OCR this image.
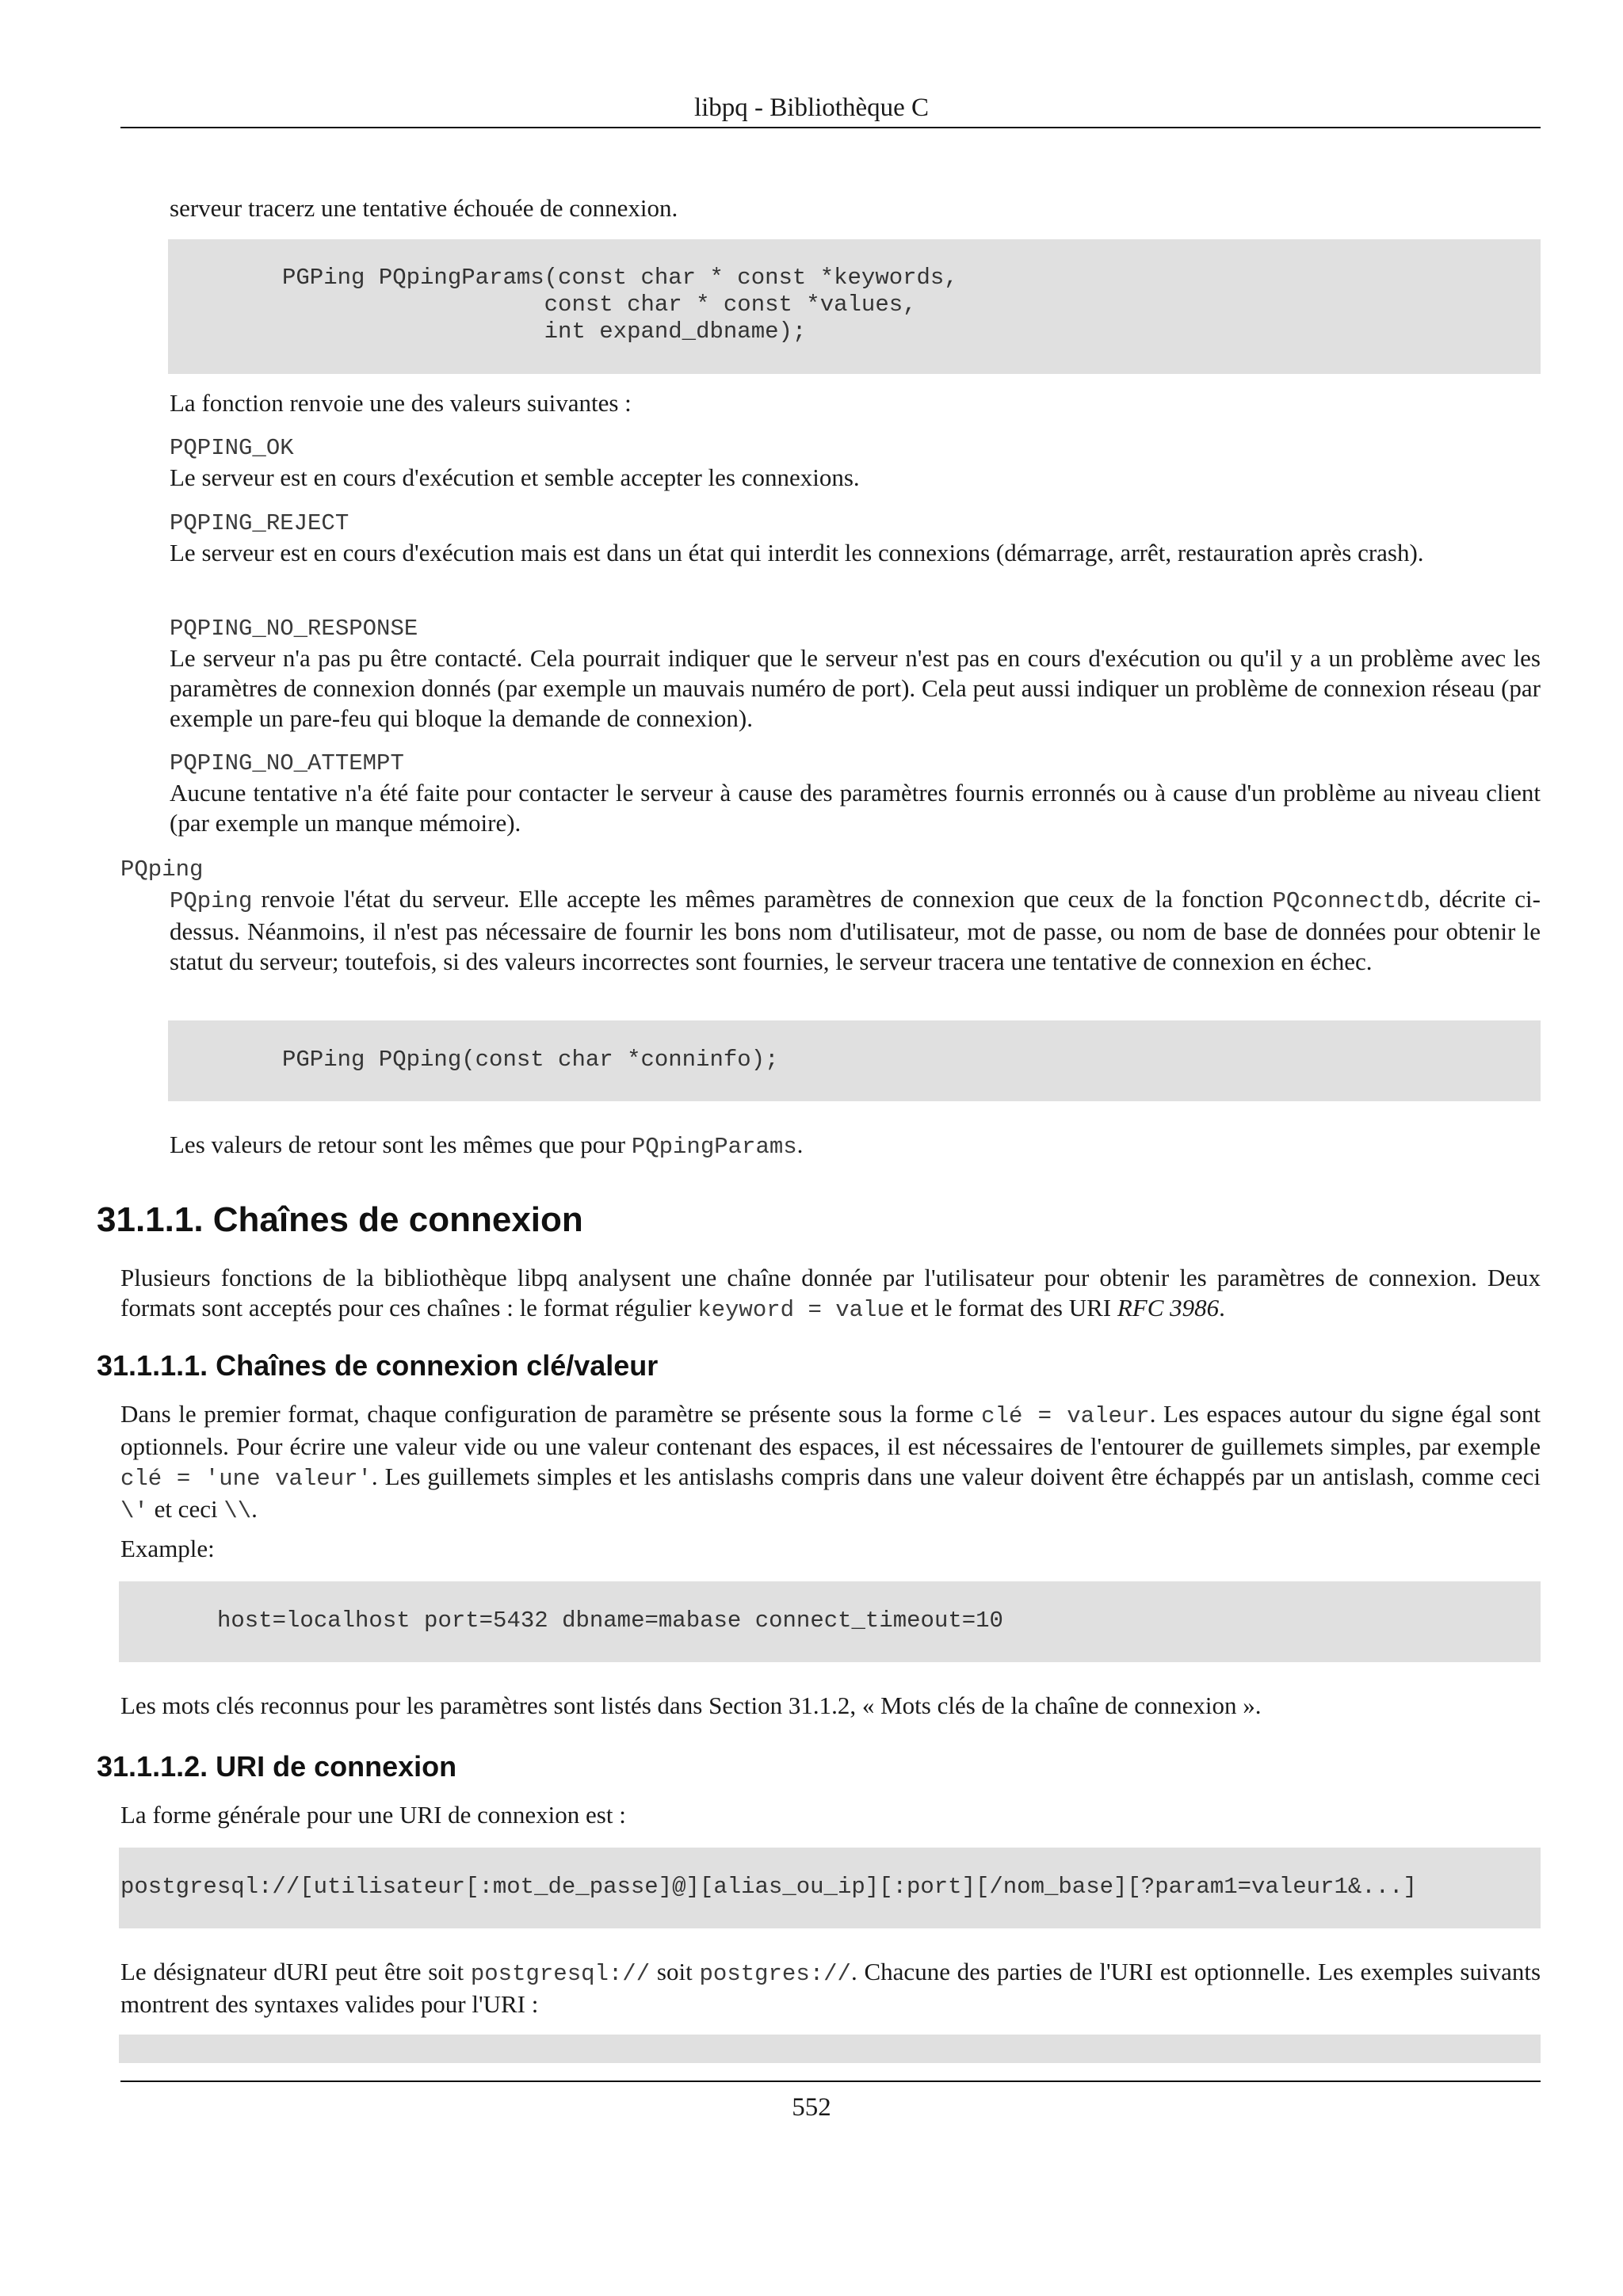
libpq - Bibliothèque C

serveur tracerz une tentative échouée de connexion.

PGPing PQpingParams(const char * const *keywords,
const char * const *values,
int expand_dbname);

La fonction renvoie une des valeurs suivantes :

PQPING_OK

Le serveur est en cours d'exécution et semble accepter les connexions.

PQPING_REJECT

Le serveur est en cours d'exécution mais est dans un état qui interdit les connexions (démarrage, arrêt, restauration après crash).

PQPING_NO_RESPONSE

Le serveur n'a pas pu être contacté. Cela pourrait indiquer que le serveur n'est pas en cours d'exécution ou qu'il y a un problème avec les paramètres de connexion donnés (par exemple un mauvais numéro de port). Cela peut aussi indiquer un problème de connexion réseau (par exemple un pare-feu qui bloque la demande de connexion).

PQPING_NO_ATTEMPT

Aucune tentative n'a été faite pour contacter le serveur à cause des paramètres fournis erronnés ou à cause d'un problème au niveau client (par exemple un manque mémoire).

PQping

PQping renvoie l'état du serveur. Elle accepte les mêmes paramètres de connexion que ceux de la fonction PQconnectdb, décrite ci-dessus. Néanmoins, il n'est pas nécessaire de fournir les bons nom d'utilisateur, mot de passe, ou nom de base de données pour obtenir le statut du serveur; toutefois, si des valeurs incorrectes sont fournies, le serveur tracera une tentative de connexion en échec.

PGPing PQping(const char *conninfo);

Les valeurs de retour sont les mêmes que pour PQpingParams.

31.1.1. Chaînes de connexion

Plusieurs fonctions de la bibliothèque libpq analysent une chaîne donnée par l'utilisateur pour obtenir les paramètres de connexion. Deux formats sont acceptés pour ces chaînes : le format régulier keyword = value et le format des URI RFC 3986.

31.1.1.1. Chaînes de connexion clé/valeur

Dans le premier format, chaque configuration de paramètre se présente sous la forme clé = valeur. Les espaces autour du signe égal sont optionnels. Pour écrire une valeur vide ou une valeur contenant des espaces, il est nécessaires de l'entourer de guillemets simples, par exemple clé = 'une valeur'. Les guillemets simples et les antislashs compris dans une valeur doivent être échappés par un antislash, comme ceci \' et ceci \\.

Example:

host=localhost port=5432 dbname=mabase connect_timeout=10

Les mots clés reconnus pour les paramètres sont listés dans Section 31.1.2, « Mots clés de la chaîne de connexion ».

31.1.1.2. URI de connexion

La forme générale pour une URI de connexion est :

postgresql://[utilisateur[:mot_de_passe]@][alias_ou_ip][:port][/nom_base][?param1=valeur1&...]

Le désignateur dURI peut être soit postgresql:// soit postgres://. Chacune des parties de l'URI est optionnelle. Les exemples suivants montrent des syntaxes valides pour l'URI :

552
